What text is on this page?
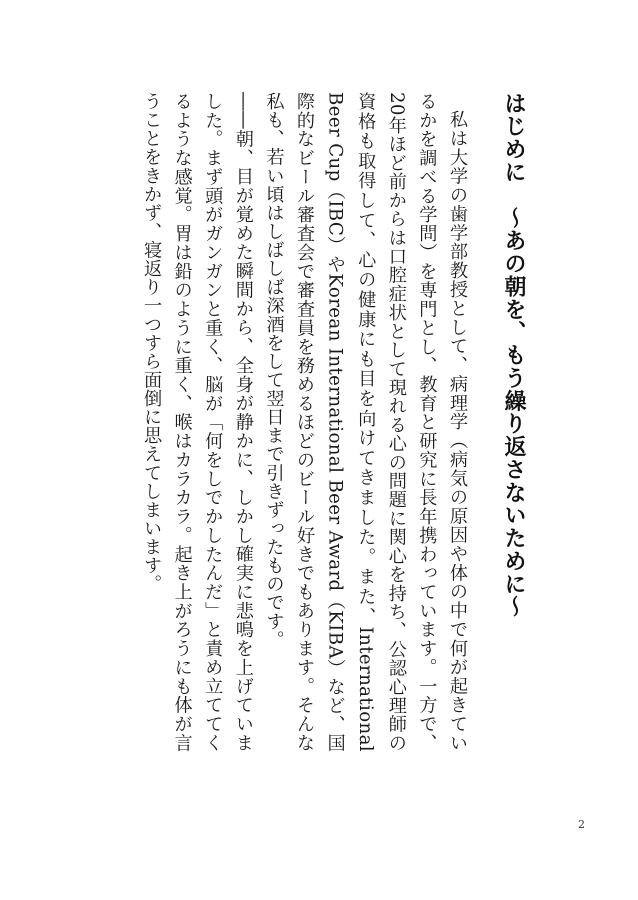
はじめに　～あの朝を、もう繰り返さないために～

私は大学の歯学部教授として、病理学（病気の原因や体の中で何が起きているかを調べる学問）を専門とし、教育と研究に長年携わっています。一方で、20年ほど前からは口腔症状として現れる心の問題に関心を持ち、公認心理師の資格も取得して、心の健康にも目を向けてきました。また、International Beer Cup（IBC）やKorean International Beer Award（KIBA）など、国際的なビール審査会で審査員を務めるほどのビール好きでもあります。そんな私も、若い頃はしばしば深酒をして翌日まで引きずったものです。

――朝、目が覚めた瞬間から、全身が静かに、しかし確実に悲鳴を上げていました。まず頭がガンガンと重く、脳が「何をしでかしたんだ」と責め立ててくるような感覚。胃は鉛のように重く、喉はカラカラ。起き上がろうにも体が言うことをきかず、寝返り一つすら面倒に思えてしまいます。

2
